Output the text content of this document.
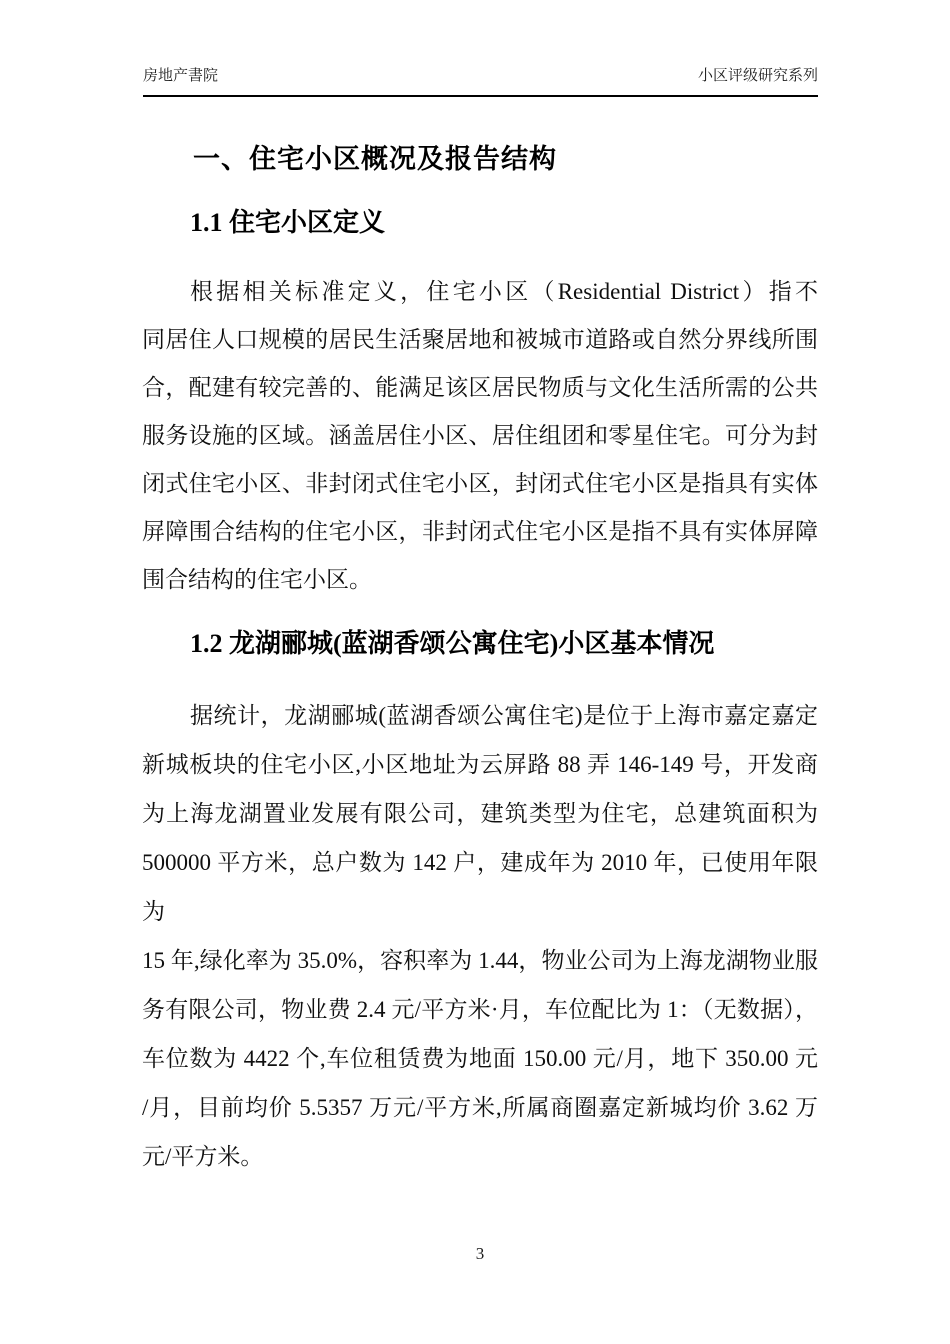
房地产書院	小区评级研究系列
一、住宅小区概况及报告结构
1.1 住宅小区定义
根据相关标准定义，住宅小区（Residential District）指不
同居住人口规模的居民生活聚居地和被城市道路或自然分界线所围
合，配建有较完善的、能满足该区居民物质与文化生活所需的公共
服务设施的区域。涵盖居住小区、居住组团和零星住宅。可分为封
闭式住宅小区、非封闭式住宅小区，封闭式住宅小区是指具有实体
屏障围合结构的住宅小区，非封闭式住宅小区是指不具有实体屏障
围合结构的住宅小区。
1.2 龙湖郦城(蓝湖香颂公寓住宅)小区基本情况
据统计，龙湖郦城(蓝湖香颂公寓住宅)是位于上海市嘉定嘉定
新城板块的住宅小区,小区地址为云屏路 88 弄 146-149 号，开发商
为上海龙湖置业发展有限公司，建筑类型为住宅，总建筑面积为
500000 平方米，总户数为 142 户，建成年为 2010 年，已使用年限为
15 年,绿化率为 35.0%，容积率为 1.44，物业公司为上海龙湖物业服
务有限公司，物业费 2.4 元/平方米·月，车位配比为 1：（无数据），
车位数为 4422 个,车位租赁费为地面 150.00 元/月，地下 350.00 元
/月，目前均价 5.5357 万元/平方米,所属商圈嘉定新城均价 3.62 万
元/平方米。
3
